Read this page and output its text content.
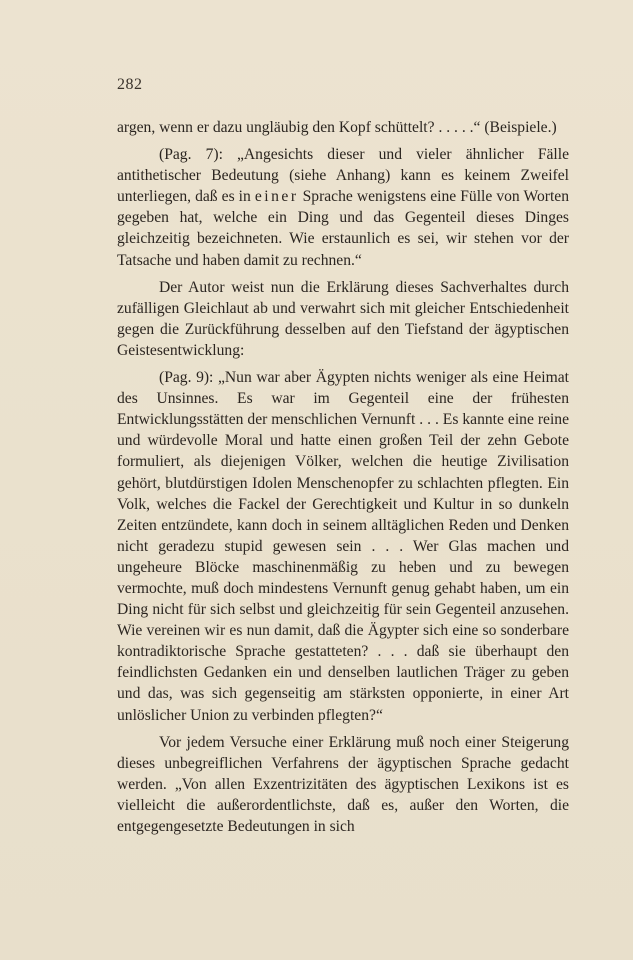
282

argen, wenn er dazu ungläubig den Kopf schüttelt? . . . . .“ (Beispiele.)

(Pag. 7): „Angesichts dieser und vieler ähnlicher Fälle antithetischer Bedeutung (siehe Anhang) kann es keinem Zweifel unterliegen, daß es in einer Sprache wenigstens eine Fülle von Worten gegeben hat, welche ein Ding und das Gegenteil dieses Dinges gleichzeitig bezeichneten. Wie erstaunlich es sei, wir stehen vor der Tatsache und haben damit zu rechnen.“

Der Autor weist nun die Erklärung dieses Sachverhaltes durch zufälligen Gleichlaut ab und verwahrt sich mit gleicher Entschiedenheit gegen die Zurückführung desselben auf den Tiefstand der ägyptischen Geistesentwicklung:

(Pag. 9): „Nun war aber Ägypten nichts weniger als eine Heimat des Unsinnes. Es war im Gegenteil eine der frühesten Entwicklungsstätten der menschlichen Vernunft . . . Es kannte eine reine und würdevolle Moral und hatte einen großen Teil der zehn Gebote formuliert, als diejenigen Völker, welchen die heutige Zivilisation gehört, blutdürstigen Idolen Menschenopfer zu schlachten pflegten. Ein Volk, welches die Fackel der Gerechtigkeit und Kultur in so dunkeln Zeiten entzündete, kann doch in seinem alltäglichen Reden und Denken nicht geradezu stupid gewesen sein . . . Wer Glas machen und ungeheure Blöcke maschinenmäßig zu heben und zu bewegen vermochte, muß doch mindestens Vernunft genug gehabt haben, um ein Ding nicht für sich selbst und gleichzeitig für sein Gegenteil anzusehen. Wie vereinen wir es nun damit, daß die Ägypter sich eine so sonderbare kontradiktorische Sprache gestatteten? . . . daß sie überhaupt den feindlichsten Gedanken ein und denselben lautlichen Träger zu geben und das, was sich gegenseitig am stärksten opponierte, in einer Art unlöslicher Union zu verbinden pflegten?“

Vor jedem Versuche einer Erklärung muß noch einer Steigerung dieses unbegreiflichen Verfahrens der ägyptischen Sprache gedacht werden. „Von allen Exzentrizitäten des ägyptischen Lexikons ist es vielleicht die außerordentlichste, daß es, außer den Worten, die entgegengesetzte Bedeutungen in sich
